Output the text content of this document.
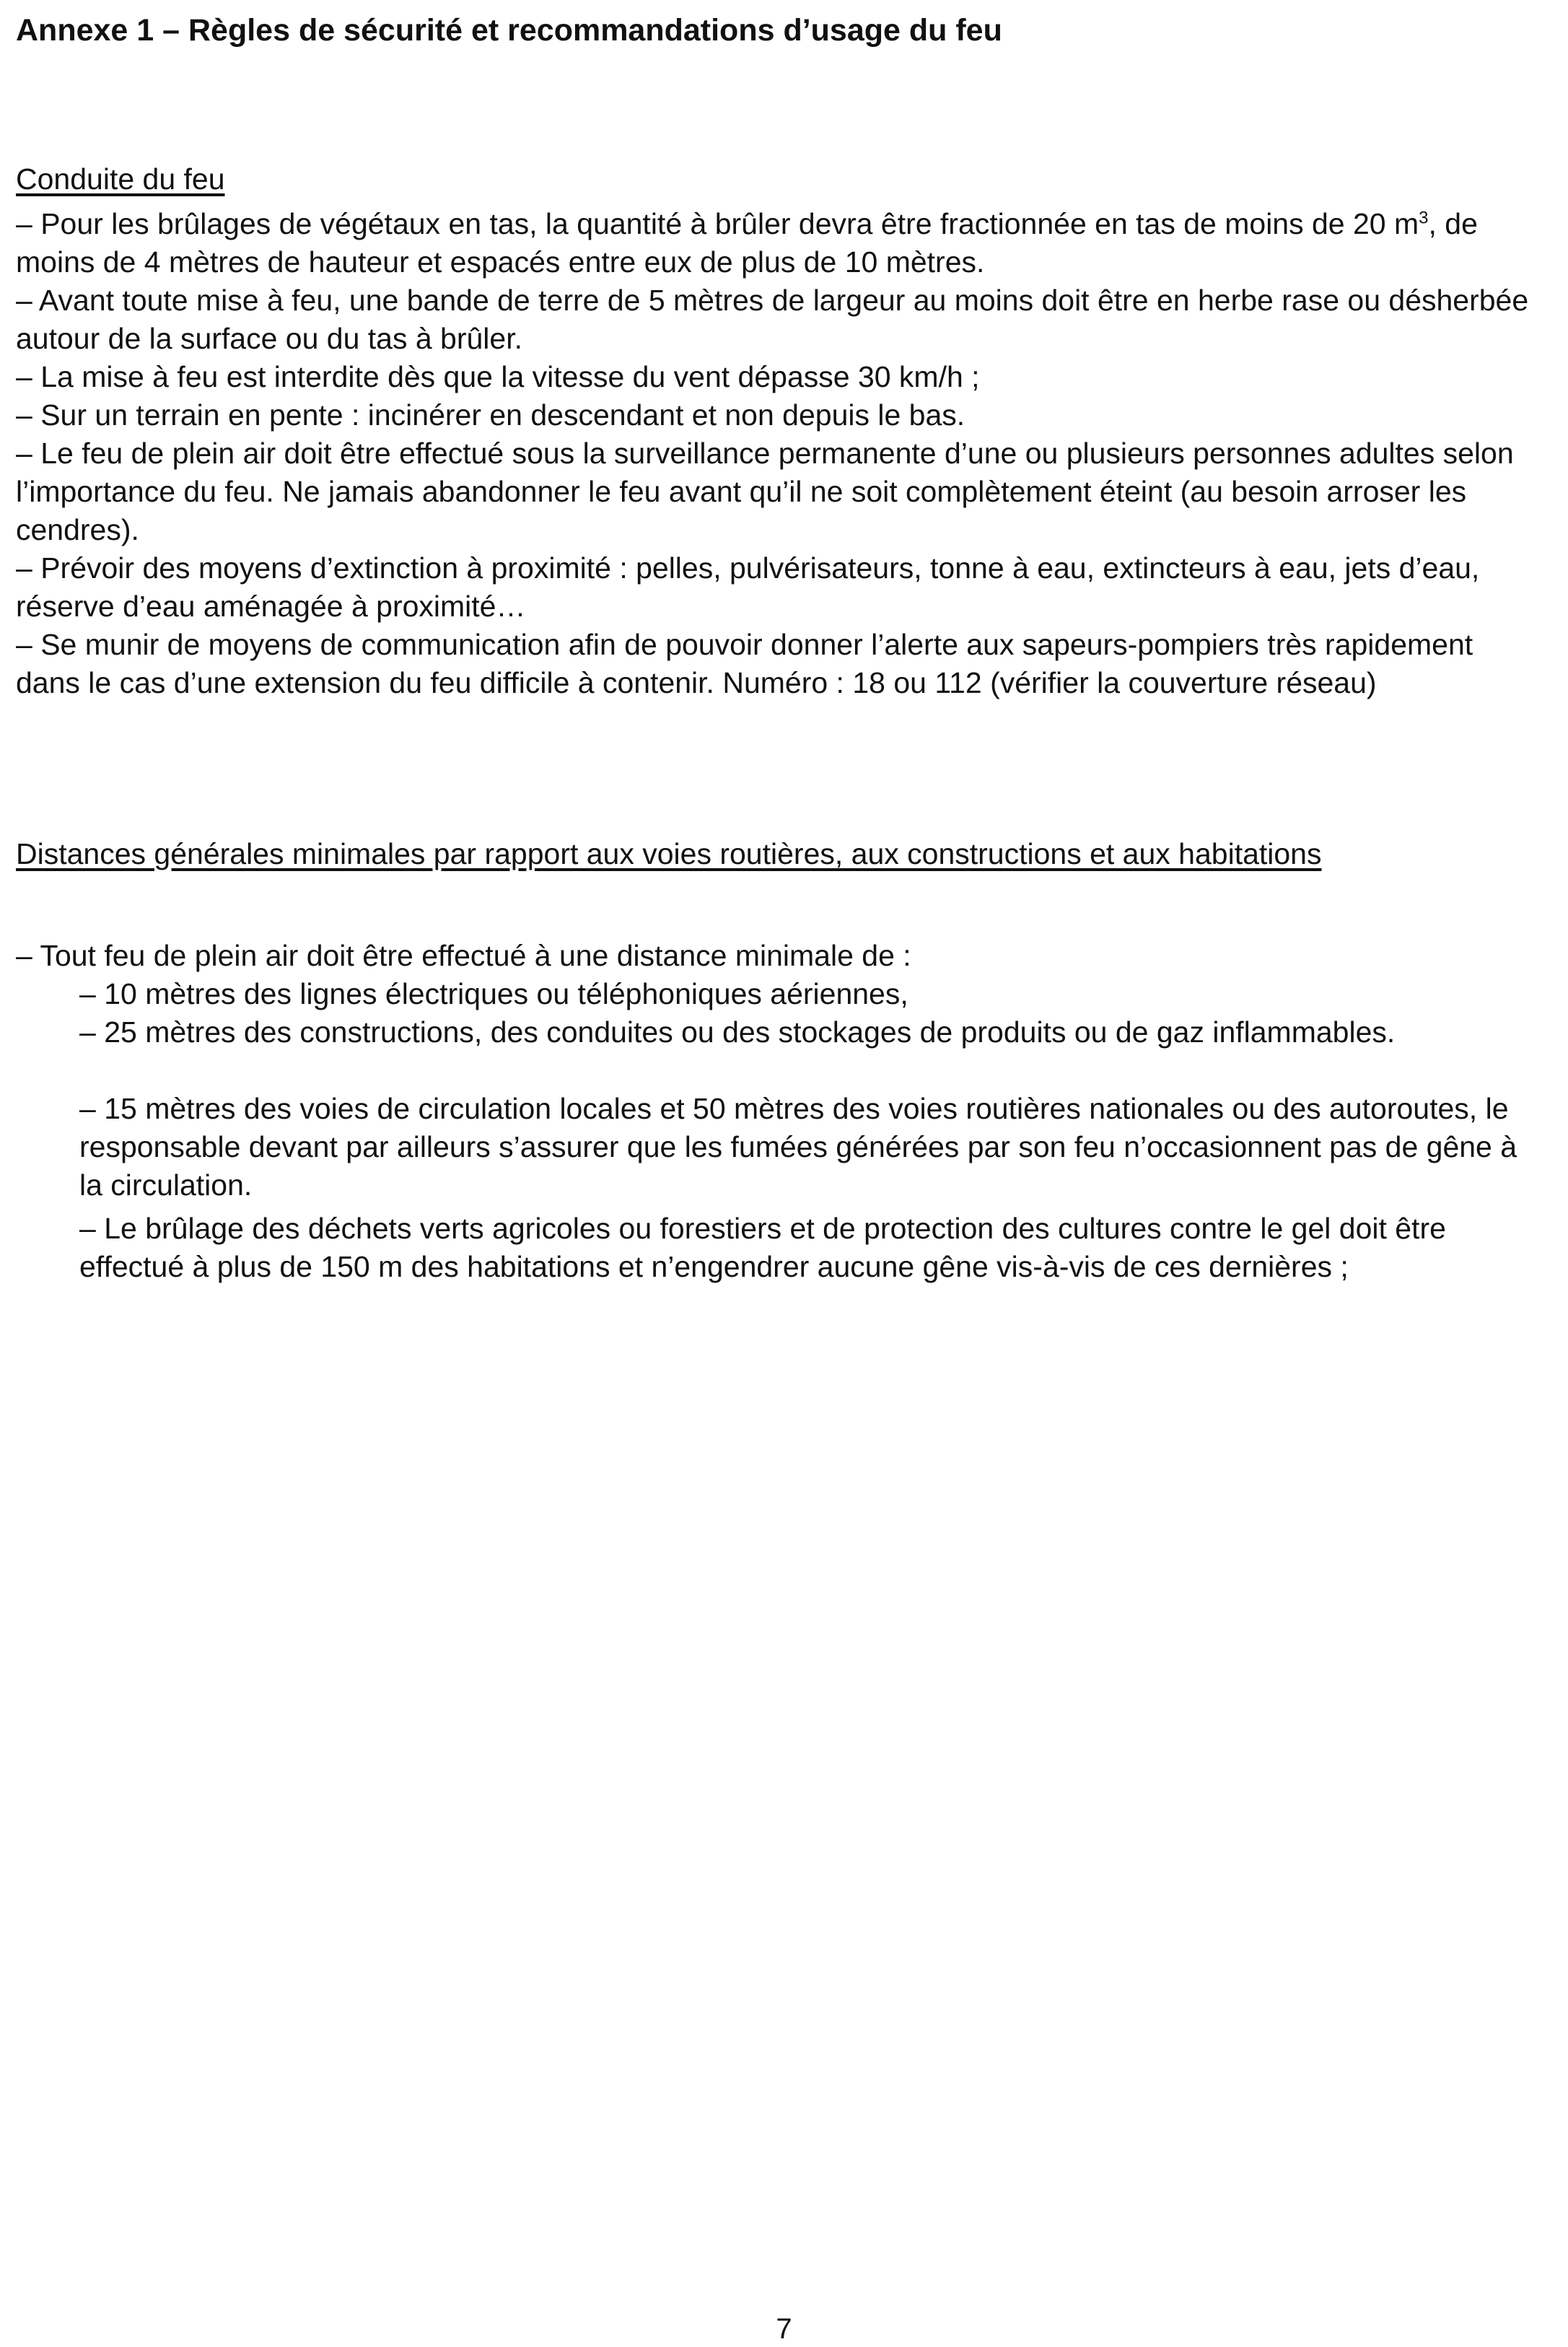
Annexe 1 – Règles de sécurité et recommandations d’usage du feu
Conduite du feu
– Pour les brûlages de végétaux en tas, la quantité à brûler devra être fractionnée en tas de moins de 20 $m^3$, de moins de 4 mètres de hauteur et espacés entre eux de plus de 10 mètres.
– Avant toute mise à feu, une bande de terre de 5 mètres de largeur au moins doit être en herbe rase ou désherbée autour de la surface ou du tas à brûler.
– La mise à feu est interdite dès que la vitesse du vent dépasse 30 km/h ;
– Sur un terrain en pente : incinérer en descendant et non depuis le bas.
– Le feu de plein air doit être effectué sous la surveillance permanente d’une ou plusieurs personnes adultes selon l’importance du feu. Ne jamais abandonner le feu avant qu’il ne soit complètement éteint (au besoin arroser les cendres).
– Prévoir des moyens d’extinction à proximité : pelles, pulvérisateurs, tonne à eau, extincteurs à eau, jets d’eau, réserve d’eau aménagée à proximité…
– Se munir de moyens de communication afin de pouvoir donner l’alerte aux sapeurs-pompiers très rapidement dans le cas d’une extension du feu difficile à contenir. Numéro : 18 ou 112 (vérifier la couverture réseau)
Distances générales minimales par rapport aux voies routières, aux constructions et aux habitations
– Tout feu de plein air doit être effectué à une distance minimale de :
– 10 mètres des lignes électriques ou téléphoniques aériennes,
– 25 mètres des constructions, des conduites ou des stockages de produits ou de gaz inflammables.
– 15 mètres des voies de circulation locales et 50 mètres des voies routières nationales ou des autoroutes, le responsable devant par ailleurs s’assurer que les fumées générées par son feu n’occasionnent pas de gêne à la circulation.
– Le brûlage des déchets verts agricoles ou forestiers et de protection des cultures contre le gel doit être effectué à plus de 150 m des habitations et n’engendrer aucune gêne vis-à-vis de ces dernières ;
7
